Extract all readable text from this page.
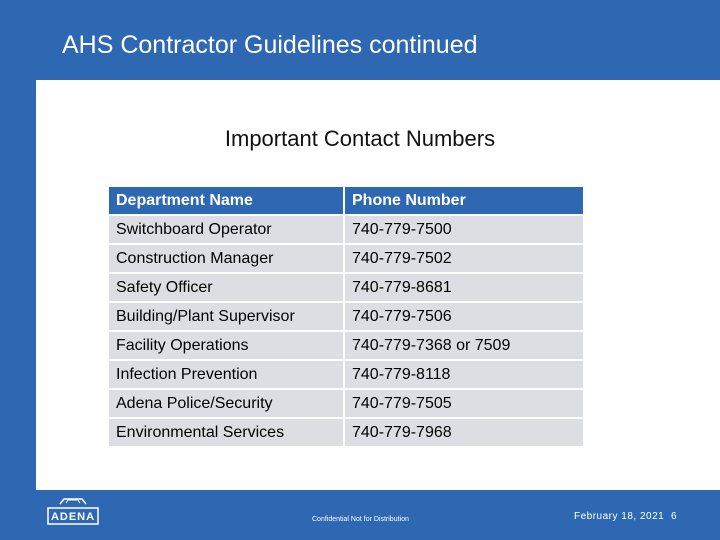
AHS Contractor Guidelines continued
Important Contact Numbers
Department Name	Phone Number
Switchboard Operator	740-779-7500
Construction Manager	740-779-7502
Safety Officer	740-779-8681
Building/Plant Supervisor	740-779-7506
Facility Operations	740-779-7368 or 7509
Infection Prevention	740-779-8118
Adena Police/Security	740-779-7505
Environmental Services	740-779-7968
ADENA	Confidential Not for Distribution	February 18, 2021 6
